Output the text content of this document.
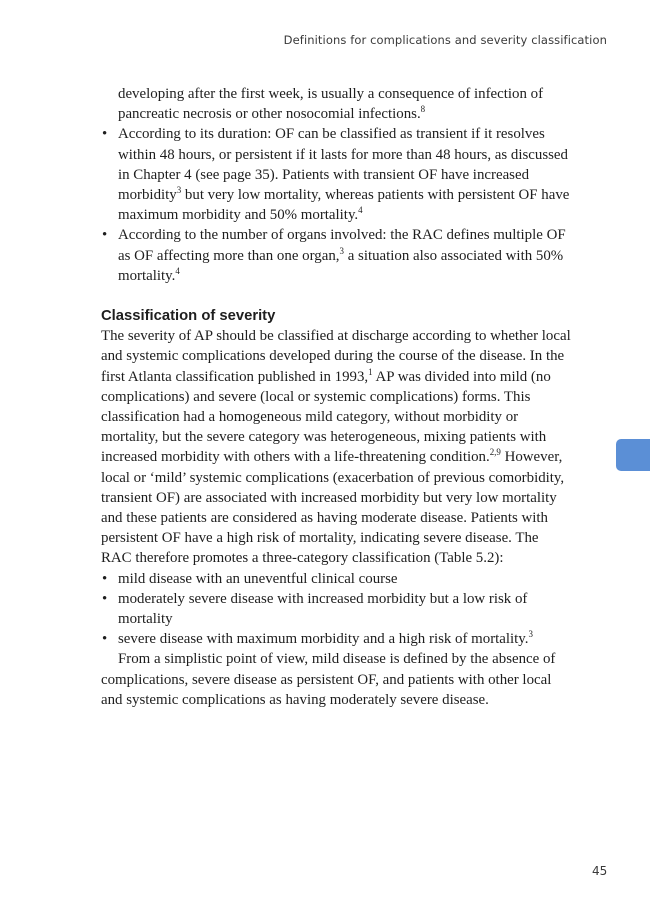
Definitions for complications and severity classification

developing after the first week, is usually a consequence of infection of pancreatic necrosis or other nosocomial infections.$^8$

• According to its duration: OF can be classified as transient if it resolves within 48 hours, or persistent if it lasts for more than 48 hours, as discussed in Chapter 4 (see page 35). Patients with transient OF have increased morbidity$^3$ but very low mortality, whereas patients with persistent OF have maximum morbidity and 50% mortality.$^4$
• According to the number of organs involved: the RAC defines multiple OF as OF affecting more than one organ,$^3$ a situation also associated with 50% mortality.$^4$

Classification of severity

The severity of AP should be classified at discharge according to whether local and systemic complications developed during the course of the disease. In the first Atlanta classification published in 1993,$^1$ AP was divided into mild (no complications) and severe (local or systemic complications) forms. This classification had a homogeneous mild category, without morbidity or mortality, but the severe category was heterogeneous, mixing patients with increased morbidity with others with a life-threatening condition.$^{2,9}$ However, local or ‘mild’ systemic complications (exacerbation of previous comorbidity, transient OF) are associated with increased morbidity but very low mortality and these patients are considered as having moderate disease. Patients with persistent OF have a high risk of mortality, indicating severe disease. The RAC therefore promotes a three-category classification (Table 5.2):

• mild disease with an uneventful clinical course
• moderately severe disease with increased morbidity but a low risk of mortality
• severe disease with maximum morbidity and a high risk of mortality.$^3$

From a simplistic point of view, mild disease is defined by the absence of complications, severe disease as persistent OF, and patients with other local and systemic complications as having moderately severe disease.

45
